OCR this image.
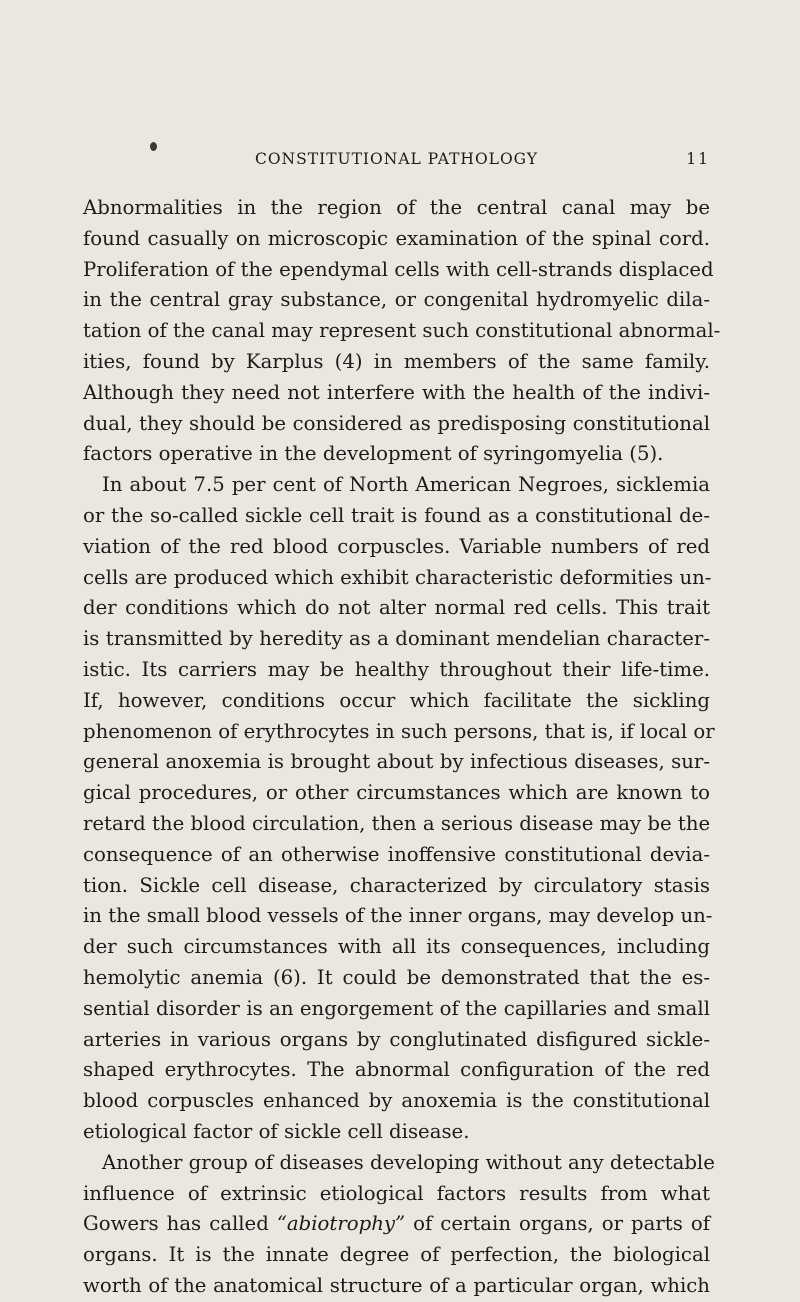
CONSTITUTIONAL PATHOLOGY	11
Abnormalities in the region of the central canal may be
found casually on microscopic examination of the spinal cord.
Proliferation of the ependymal cells with cell-strands displaced
in the central gray substance, or congenital hydromyelic dila-
tation of the canal may represent such constitutional abnormal-
ities, found by Karplus (4) in members of the same family.
Although they need not interfere with the health of the indivi-
dual, they should be considered as predisposing constitutional
factors operative in the development of syringomyelia (5).
In about 7.5 per cent of North American Negroes, sicklemia
or the so-called sickle cell trait is found as a constitutional de-
viation of the red blood corpuscles. Variable numbers of red
cells are produced which exhibit characteristic deformities un-
der conditions which do not alter normal red cells. This trait
is transmitted by heredity as a dominant mendelian character-
istic. Its carriers may be healthy throughout their life-time.
If, however, conditions occur which facilitate the sickling
phenomenon of erythrocytes in such persons, that is, if local or
general anoxemia is brought about by infectious diseases, sur-
gical procedures, or other circumstances which are known to
retard the blood circulation, then a serious disease may be the
consequence of an otherwise inoffensive constitutional devia-
tion. Sickle cell disease, characterized by circulatory stasis
in the small blood vessels of the inner organs, may develop un-
der such circumstances with all its consequences, including
hemolytic anemia (6). It could be demonstrated that the es-
sential disorder is an engorgement of the capillaries and small
arteries in various organs by conglutinated disfigured sickle-
shaped erythrocytes. The abnormal configuration of the red
blood corpuscles enhanced by anoxemia is the constitutional
etiological factor of sickle cell disease.
Another group of diseases developing without any detectable
influence of extrinsic etiological factors results from what
Gowers has called “abiotrophy” of certain organs, or parts of
organs. It is the innate degree of perfection, the biological
worth of the anatomical structure of a particular organ, which
